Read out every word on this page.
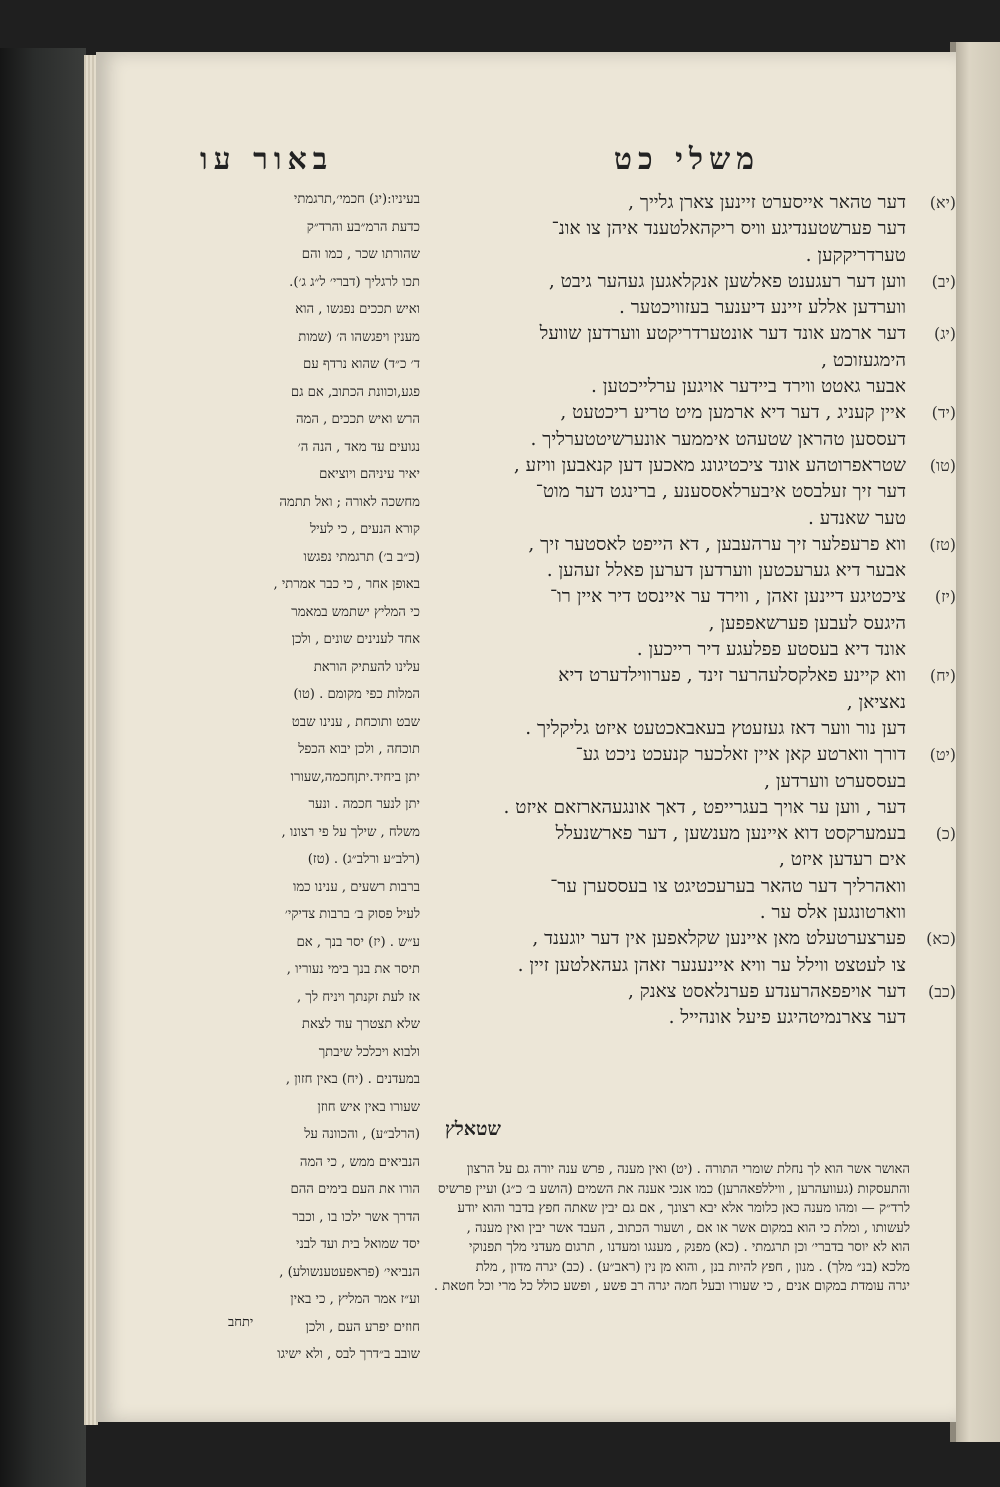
משלי כט
באור עו
(יא)
דער טהאר אייסערט זיינען צארן גלייך ,
דער פערשטענדיגע וויס ריקהאלטענד איהן צו אונ־
טערדריקקען .
(יב)
ווען דער רעגענט פאלשען אנקלאגען געהער גיבט ,
ווערדען אללע זיינע דיענער בעזוויכטער .
(יג)
דער ארמע אונד דער אונטערדריקטע ווערדען שוועל
הימגעזוכט ,
אבער גאטט ווירד ביידער אויגען ערלייכטען .
(יד)
איין קעניג , דער דיא ארמען מיט טריע ריכטעט ,
דעססען טהראן שטעהט איממער אונערשיטטערליך .
(טו)
שטראפרוטהע אונד ציכטיגונג מאכען דען קנאבען וויזע ,
דער זיך זעלבסט איבערלאססענע , ברינגט דער מוט־
טער שאנדע .
(טז)
ווא פרעפלער זיך ערהעבען , דא הייפט לאסטער זיך ,
אבער דיא גערעכטען ווערדען דערען פאלל זעהען .
(יז)
ציכטיגע דיינען זאהן , ווירד ער איינסט דיר איין רו־
היגעס לעבען פערשאפפען ,
אונד דיא בעסטע פפלעגע דיר רייכען .
(יח)
ווא קיינע פאלקסלעהרער זינד , פערווילדערט דיא
נאציאן ,
דען נור ווער דאז געזעטץ בעאבאכטעט איזט גליקליך .
(יט)
דורך ווארטע קאן איין זאלכער קנעכט ניכט גע־
בעססערט ווערדען ,
דער , ווען ער אויך בעגרייפט , דאך אונגעהארזאם איזט .
(כ)
בעמערקסט דוא איינען מענשען , דער פארשנעלל
אים רעדען איזט ,
וואהרליך דער טהאר בערעכטיגט צו בעססערן ער־
ווארטונגען אלס ער .
(כא)
פערצערטעלט מאן איינען שקלאפען אין דער יוגענד ,
צו לעטצט ווילל ער וויא איינענער זאהן געהאלטען זיין .
(כב)
דער אויפפאהרענדע פערנלאסט צאנק ,
דער צארנמיטהיגע פיעל אונהייל .
בעיניו:(יג) חכמי׳,תרגמתי
כדעת הרמ״בע והרד״ק
שהורתו שכר , כמו והם
תכו לרגליך (דברי׳ ל״ג ג׳).
ואיש תככים נפגשו , הוא
מענין ויפגשהו ה׳ (שמות
ד׳ כ״ד) שהוא נרדף עם
פגע,וכוונת הכתוב, אם גם
הרש ואיש תככים , המה
נגועים עד מאד , הנה ה׳
יאיר עיניהם ויוציאם
מחשכה לאורה ; ואל תתמה
קורא הנעים , כי לעיל
(כ״ב ב׳) תרגמתי נפגשו
באופן אחר , כי כבר אמרתי ,
כי המליץ ישתמש במאמר
אחד לענינים שונים , ולכן
עלינו להעתיק הוראת
המלות כפי מקומם . (טו)
שבט ותוכחת , ענינו שבט
תוכחה , ולכן יבוא הכפל
יתן ביחיד.יתןחכמה,שעורו
יתן לנער חכמה . ונער
משלח , שילך על פי רצונו ,
(רלב״ע ורלב״ג) . (טז)
ברבות רשעים , ענינו כמו
לעיל פסוק ב׳ ברבות צדיקי׳
ע״ש . (יז) יסר בנך , אם
תיסר את בנך בימי נעוריו ,
אז לעת זקנתך ויניח לך ,
שלא תצטרך עוד לצאת
ולבוא ויכלכל שיבתך
במעדנים . (יח) באין חזון ,
שעורו באין איש חוזן
(הרלב״ע) , והכוונה על
הנביאים ממש , כי המה
הורו את העם בימים ההם
הדרך אשר ילכו בו , וכבר
יסד שמואל בית ועד לבני
הנביאי׳ (פראפעטענשולע) ,
וע״ז אמר המליץ , כי באין
חוזים יפרע העם , ולכן
שובב ב״דרך לבס , ולא ישיגו
שטאלץ
האושר אשר הוא לך נחלת שומרי התורה . (יט) ואין מענה , פרש ענה יורה גם על הרצון
והתעסקות (געוועהרען , וויללפאהרען) כמו אנכי אענה את השמים (הושע ב׳ כ״ג) ועיין פרשיס
לרד״ק — ומהו מענה כאן כלומר אלא יבא רצונך , אם גם יבין שאתה חפץ בדבר והוא יודע
לעשותו , ומלת כי הוא במקום אשר או אם , ושעור הכתוב , העבד אשר יבין ואין מענה ,
הוא לא יוסר בדברי׳ וכן תרגמתי . (כא) מפנק , מענגו ומעדנו , תרגום מעדני מלך תפנוקי
מלכא (בנ״ מלך) . מנון , חפץ להיות בנן , והוא מן נין (ראב״ע) . (כב) יגרה מדון , מלת
יגרה עומדת במקום אנים , כי שעורו ובעל חמה יגרה רב פשע , ופשע כולל כל מרי וכל חטאת .
יתחב
